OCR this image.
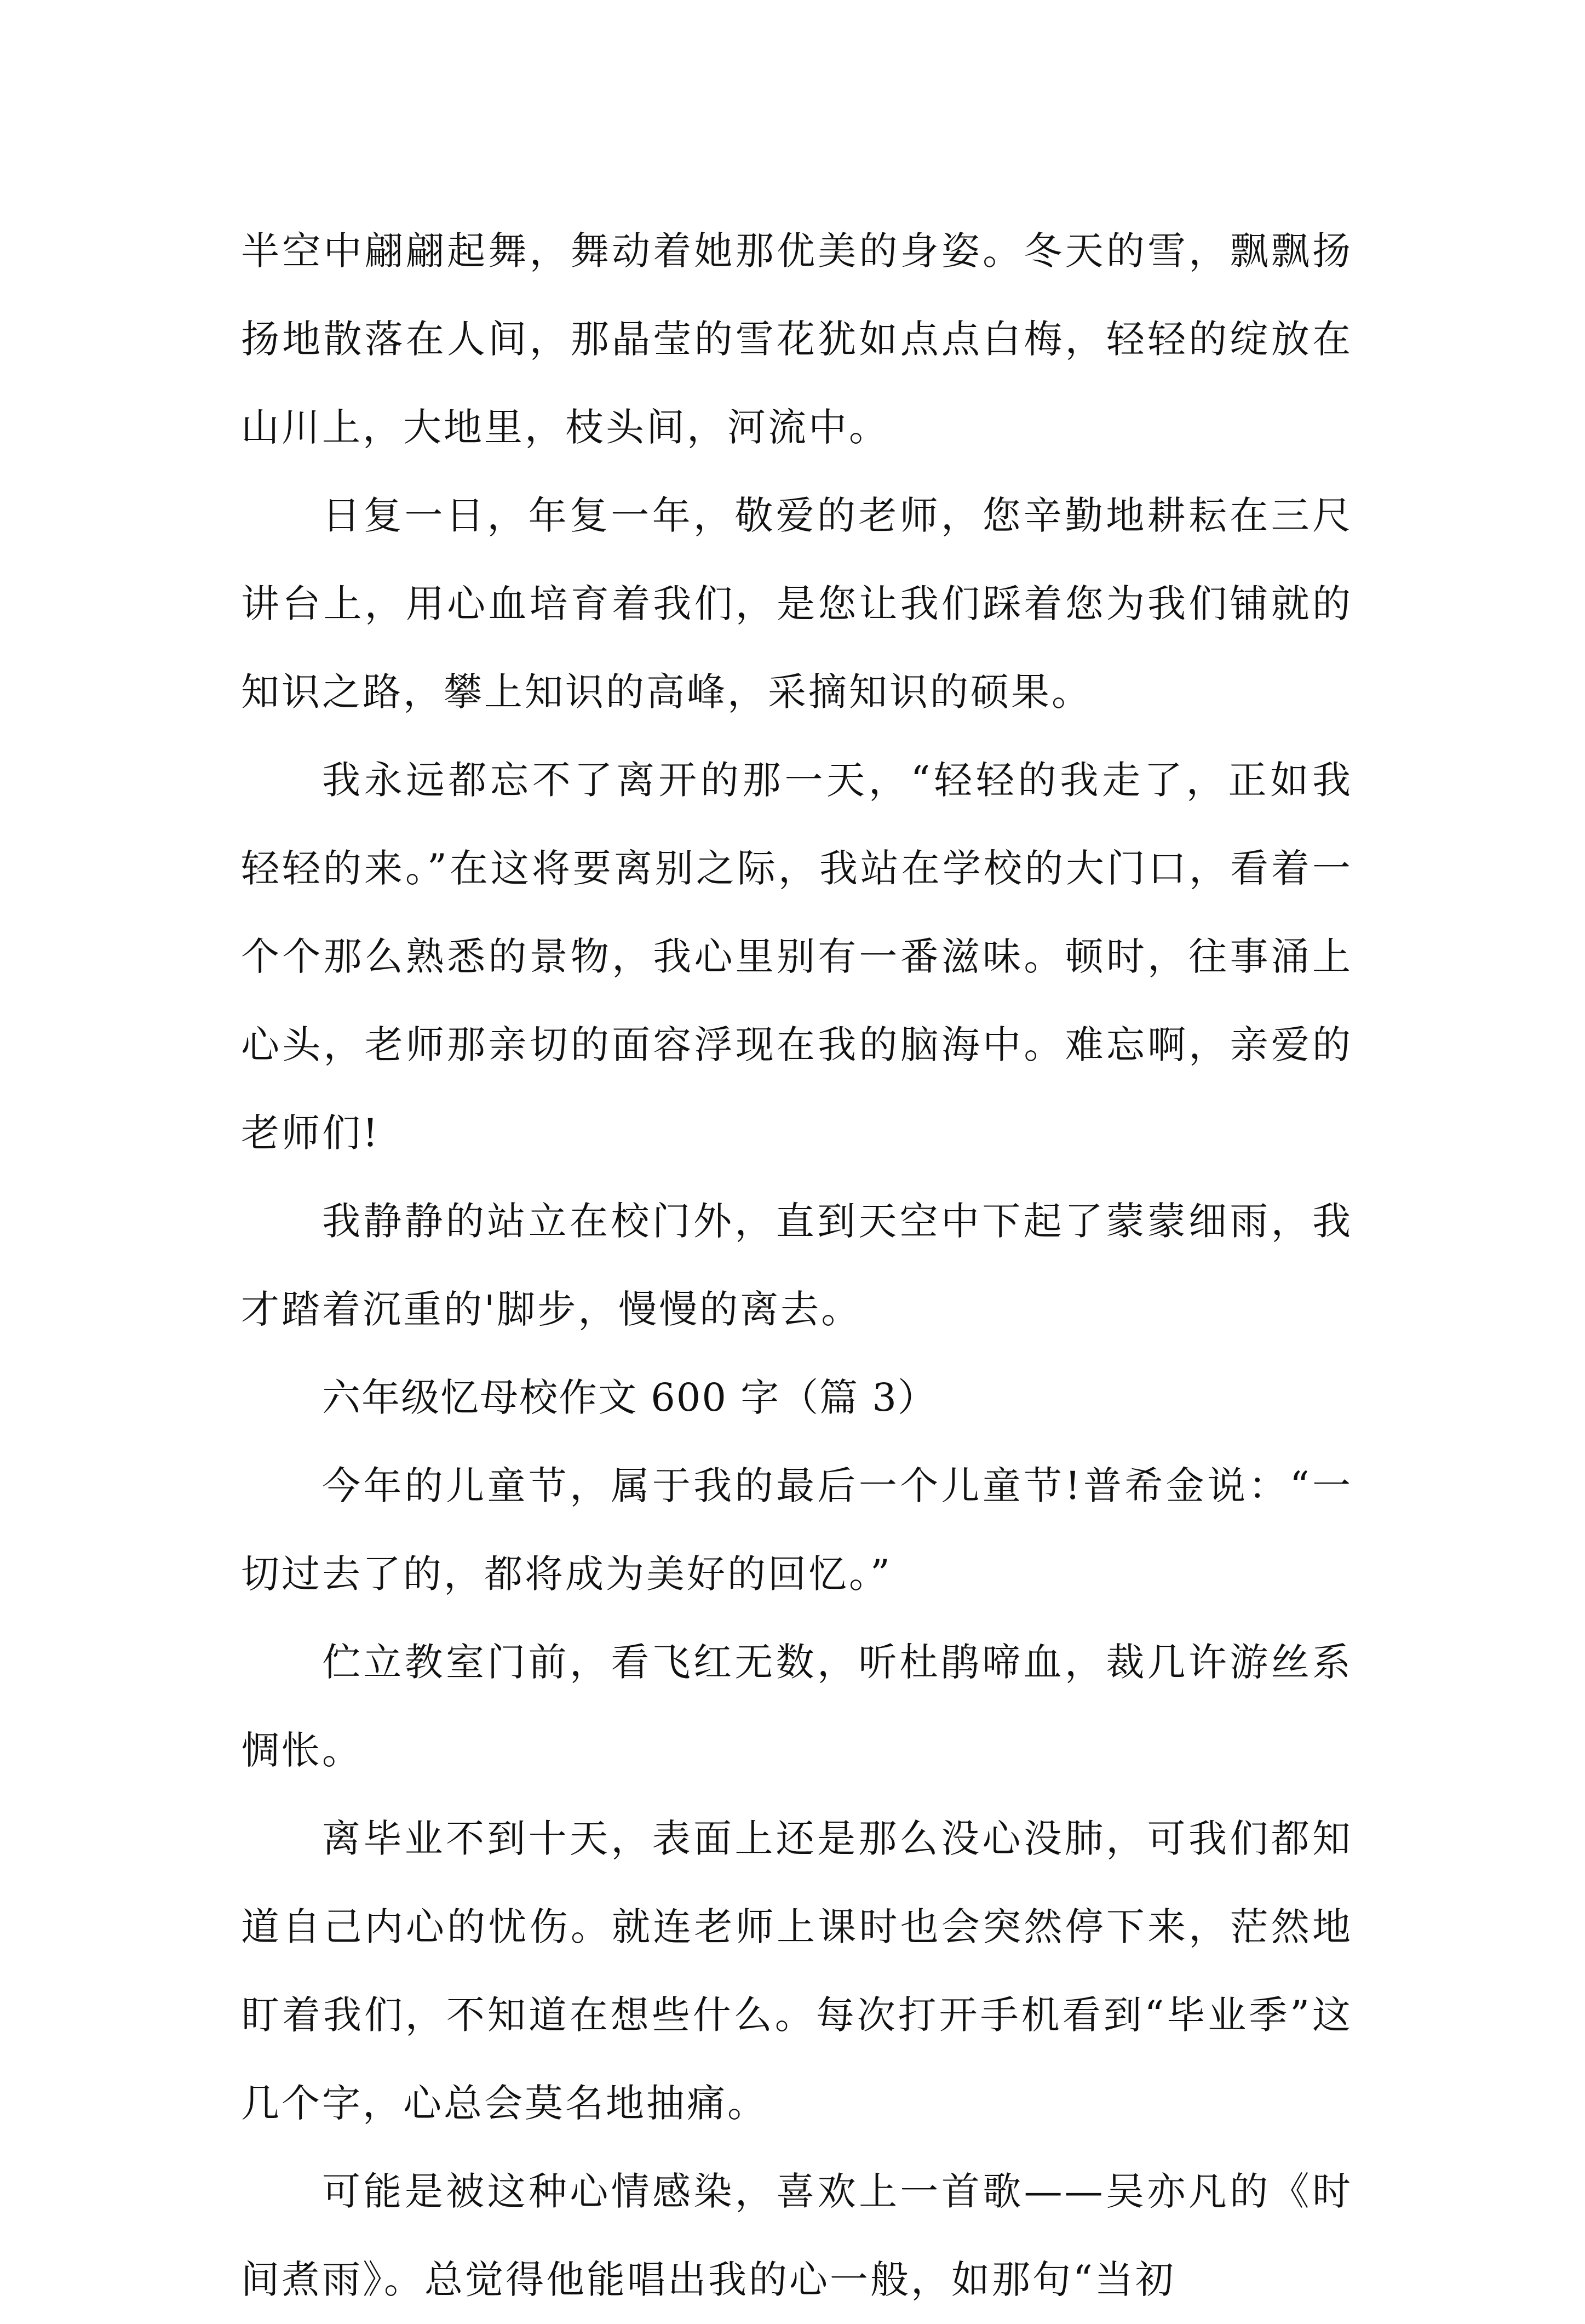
半空中翩翩起舞，舞动着她那优美的身姿。冬天的雪，飘飘扬扬地散落在人间，那晶莹的雪花犹如点点白梅，轻轻的绽放在山川上，大地里，枝头间，河流中。

日复一日，年复一年，敬爱的老师，您辛勤地耕耘在三尺讲台上，用心血培育着我们，是您让我们踩着您为我们铺就的知识之路，攀上知识的高峰，采摘知识的硕果。

我永远都忘不了离开的那一天，“轻轻的我走了，正如我轻轻的来。”在这将要离别之际，我站在学校的大门口，看着一个个那么熟悉的景物，我心里别有一番滋味。顿时，往事涌上心头，老师那亲切的面容浮现在我的脑海中。难忘啊，亲爱的老师们!

我静静的站立在校门外，直到天空中下起了蒙蒙细雨，我才踏着沉重的'脚步，慢慢的离去。

六年级忆母校作文 600 字（篇 3）

今年的儿童节，属于我的最后一个儿童节!普希金说：“一切过去了的，都将成为美好的回忆。”

伫立教室门前，看飞红无数，听杜鹃啼血，裁几许游丝系惆怅。

离毕业不到十天，表面上还是那么没心没肺，可我们都知道自己内心的忧伤。就连老师上课时也会突然停下来，茫然地盯着我们，不知道在想些什么。每次打开手机看到“毕业季”这几个字，心总会莫名地抽痛。

可能是被这种心情感染，喜欢上一首歌——吴亦凡的《时间煮雨》。总觉得他能唱出我的心一般，如那句“当初
